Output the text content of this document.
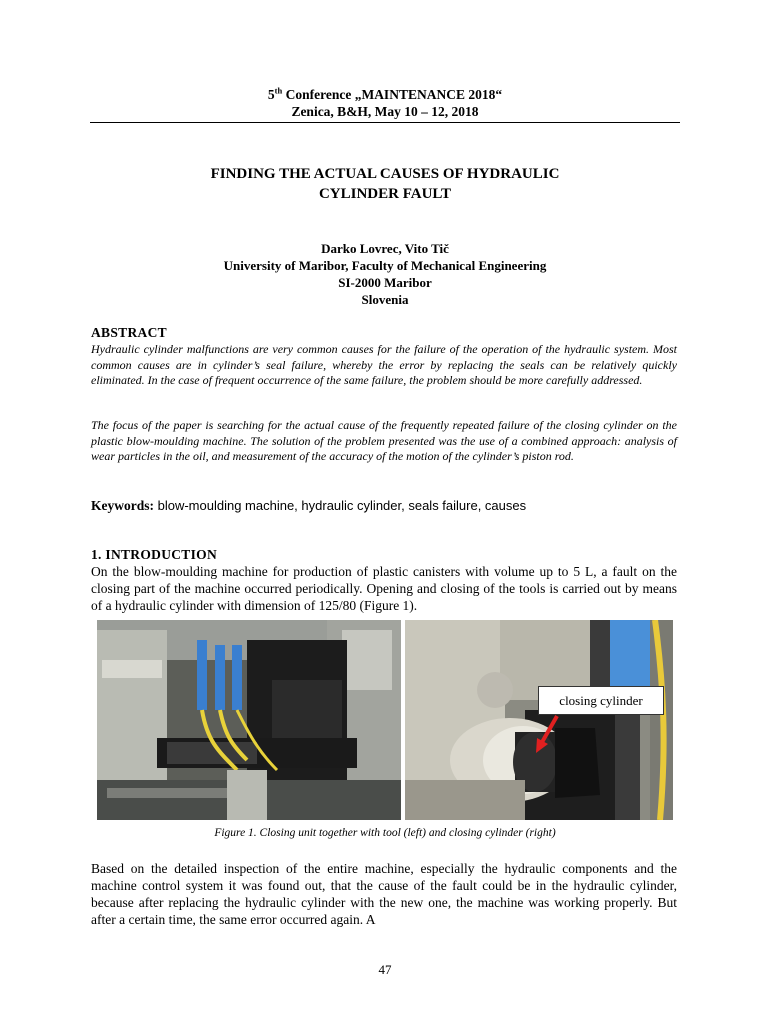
5th Conference „MAINTENANCE 2018“
Zenica, B&H, May 10 – 12, 2018
FINDING THE ACTUAL CAUSES OF HYDRAULIC
CYLINDER FAULT
Darko Lovrec, Vito Tič
University of Maribor, Faculty of Mechanical Engineering
SI-2000 Maribor
Slovenia
ABSTRACT
Hydraulic cylinder malfunctions are very common causes for the failure of the operation of the hydraulic system. Most common causes are in cylinder’s seal failure, whereby the error by replacing the seals can be relatively quickly eliminated. In the case of frequent occurrence of the same failure, the problem should be more carefully addressed.
The focus of the paper is searching for the actual cause of the frequently repeated failure of the closing cylinder on the plastic blow-moulding machine. The solution of the problem presented was the use of a combined approach: analysis of wear particles in the oil, and measurement of the accuracy of the motion of the cylinder’s piston rod.
Keywords: blow-moulding machine, hydraulic cylinder, seals failure, causes
1. INTRODUCTION
On the blow-moulding machine for production of plastic canisters with volume up to 5 L, a fault on the closing part of the machine occurred periodically. Opening and closing of the tools is carried out by means of a hydraulic cylinder with dimension of 125/80 (Figure 1).
closing cylinder
Figure 1. Closing unit together with tool (left) and closing cylinder (right)
Based on the detailed inspection of the entire machine, especially the hydraulic components and the machine control system it was found out, that the cause of the fault could be in the hydraulic cylinder, because after replacing the hydraulic cylinder with the new one, the machine was working properly. But after a certain time, the same error occurred again. A
47
